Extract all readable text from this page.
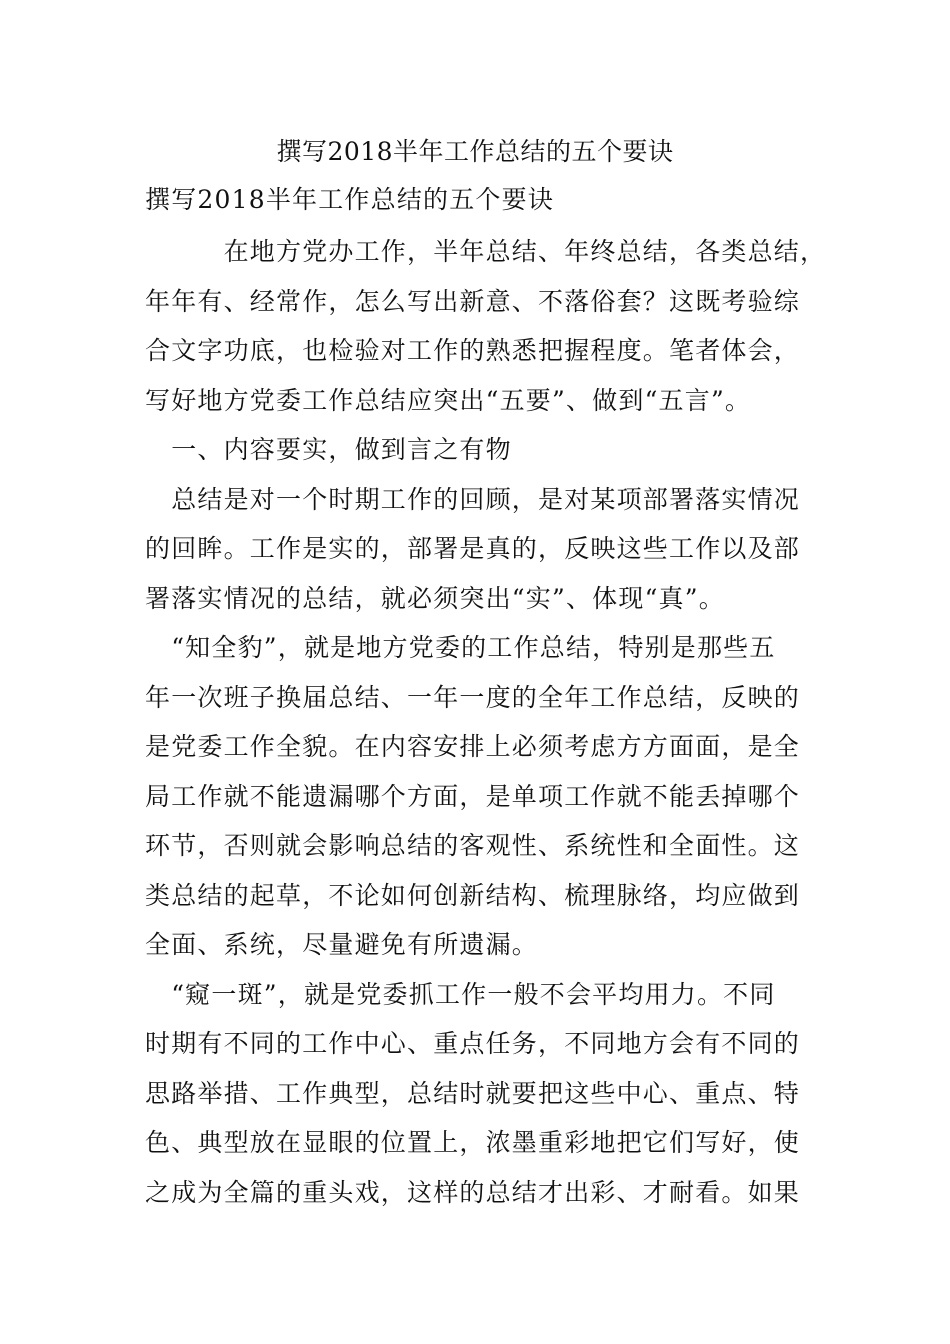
撰写2018半年工作总结的五个要诀
撰写2018半年工作总结的五个要诀
　　　在地方党办工作，半年总结、年终总结，各类总结，
年年有、经常作，怎么写出新意、不落俗套？这既考验综
合文字功底，也检验对工作的熟悉把握程度。笔者体会，
写好地方党委工作总结应突出“五要”、做到“五言”。
　一、内容要实，做到言之有物
　总结是对一个时期工作的回顾，是对某项部署落实情况
的回眸。工作是实的，部署是真的，反映这些工作以及部
署落实情况的总结，就必须突出“实”、体现“真”。
　“知全豹”，就是地方党委的工作总结，特别是那些五
年一次班子换届总结、一年一度的全年工作总结，反映的
是党委工作全貌。在内容安排上必须考虑方方面面，是全
局工作就不能遗漏哪个方面，是单项工作就不能丢掉哪个
环节，否则就会影响总结的客观性、系统性和全面性。这
类总结的起草，不论如何创新结构、梳理脉络，均应做到
全面、系统，尽量避免有所遗漏。
　“窥一斑”，就是党委抓工作一般不会平均用力。不同
时期有不同的工作中心、重点任务，不同地方会有不同的
思路举措、工作典型，总结时就要把这些中心、重点、特
色、典型放在显眼的位置上，浓墨重彩地把它们写好，使
之成为全篇的重头戏，这样的总结才出彩、才耐看。如果
